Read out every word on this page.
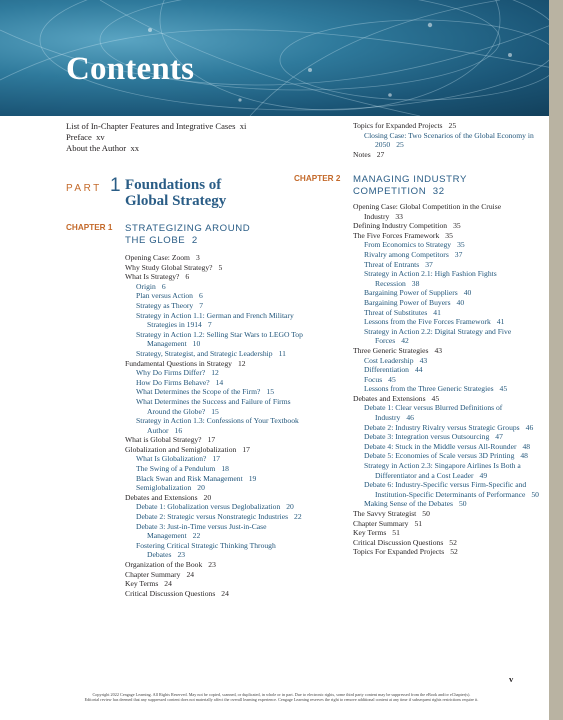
Contents
List of In-Chapter Features and Integrative Cases xi
Preface xv
About the Author xx
PART 1 Foundations of
Global Strategy
CHAPTER 1 STRATEGIZING AROUND
THE GLOBE 2
Opening Case: Zoom 3
Why Study Global Strategy? 5
What Is Strategy? 6
Origin 6
Plan versus Action 6
Strategy as Theory 7
Strategy in Action 1.1: German and French Military Strategies in 1914 7
Strategy in Action 1.2: Selling Star Wars to LEGO Top Management 10
Strategy, Strategist, and Strategic Leadership 11
Fundamental Questions in Strategy 12
Why Do Firms Differ? 12
How Do Firms Behave? 14
What Determines the Scope of the Firm? 15
What Determines the Success and Failure of Firms Around the Globe? 15
Strategy in Action 1.3: Confessions of Your Textbook Author 16
What is Global Strategy? 17
Globalization and Semiglobalization 17
What Is Globalization? 17
The Swing of a Pendulum 18
Black Swan and Risk Management 19
Semiglobalization 20
Debates and Extensions 20
Debate 1: Globalization versus Deglobalization 20
Debate 2: Strategic versus Nonstrategic Industries 22
Debate 3: Just-in-Time versus Just-in-Case Management 22
Fostering Critical Strategic Thinking Through Debates 23
Organization of the Book 23
Chapter Summary 24
Key Terms 24
Critical Discussion Questions 24
Topics for Expanded Projects 25
Closing Case: Two Scenarios of the Global Economy in 2050 25
Notes 27
CHAPTER 2 MANAGING INDUSTRY
COMPETITION 32
Opening Case: Global Competition in the Cruise Industry 33
Defining Industry Competition 35
The Five Forces Framework 35
From Economics to Strategy 35
Rivalry among Competitors 37
Threat of Entrants 37
Strategy in Action 2.1: High Fashion Fights Recession 38
Bargaining Power of Suppliers 40
Bargaining Power of Buyers 40
Threat of Substitutes 41
Lessons from the Five Forces Framework 41
Strategy in Action 2.2: Digital Strategy and Five Forces 42
Three Generic Strategies 43
Cost Leadership 43
Differentiation 44
Focus 45
Lessons from the Three Generic Strategies 45
Debates and Extensions 45
Debate 1: Clear versus Blurred Definitions of Industry 46
Debate 2: Industry Rivalry versus Strategic Groups 46
Debate 3: Integration versus Outsourcing 47
Debate 4: Stuck in the Middle versus All-Rounder 48
Debate 5: Economies of Scale versus 3D Printing 48
Strategy in Action 2.3: Singapore Airlines Is Both a Differentiator and a Cost Leader 49
Debate 6: Industry-Specific versus Firm-Specific and Institution-Specific Determinants of Performance 50
Making Sense of the Debates 50
The Savvy Strategist 50
Chapter Summary 51
Key Terms 51
Critical Discussion Questions 52
Topics For Expanded Projects 52
v
Copyright 2022 Cengage Learning. All Rights Reserved. May not be copied, scanned, or duplicated, in whole or in part. Due to electronic rights, some third party content may be suppressed from the eBook and/or eChapter(s).
Editorial review has deemed that any suppressed content does not materially affect the overall learning experience. Cengage Learning reserves the right to remove additional content at any time if subsequent rights restrictions require it.
